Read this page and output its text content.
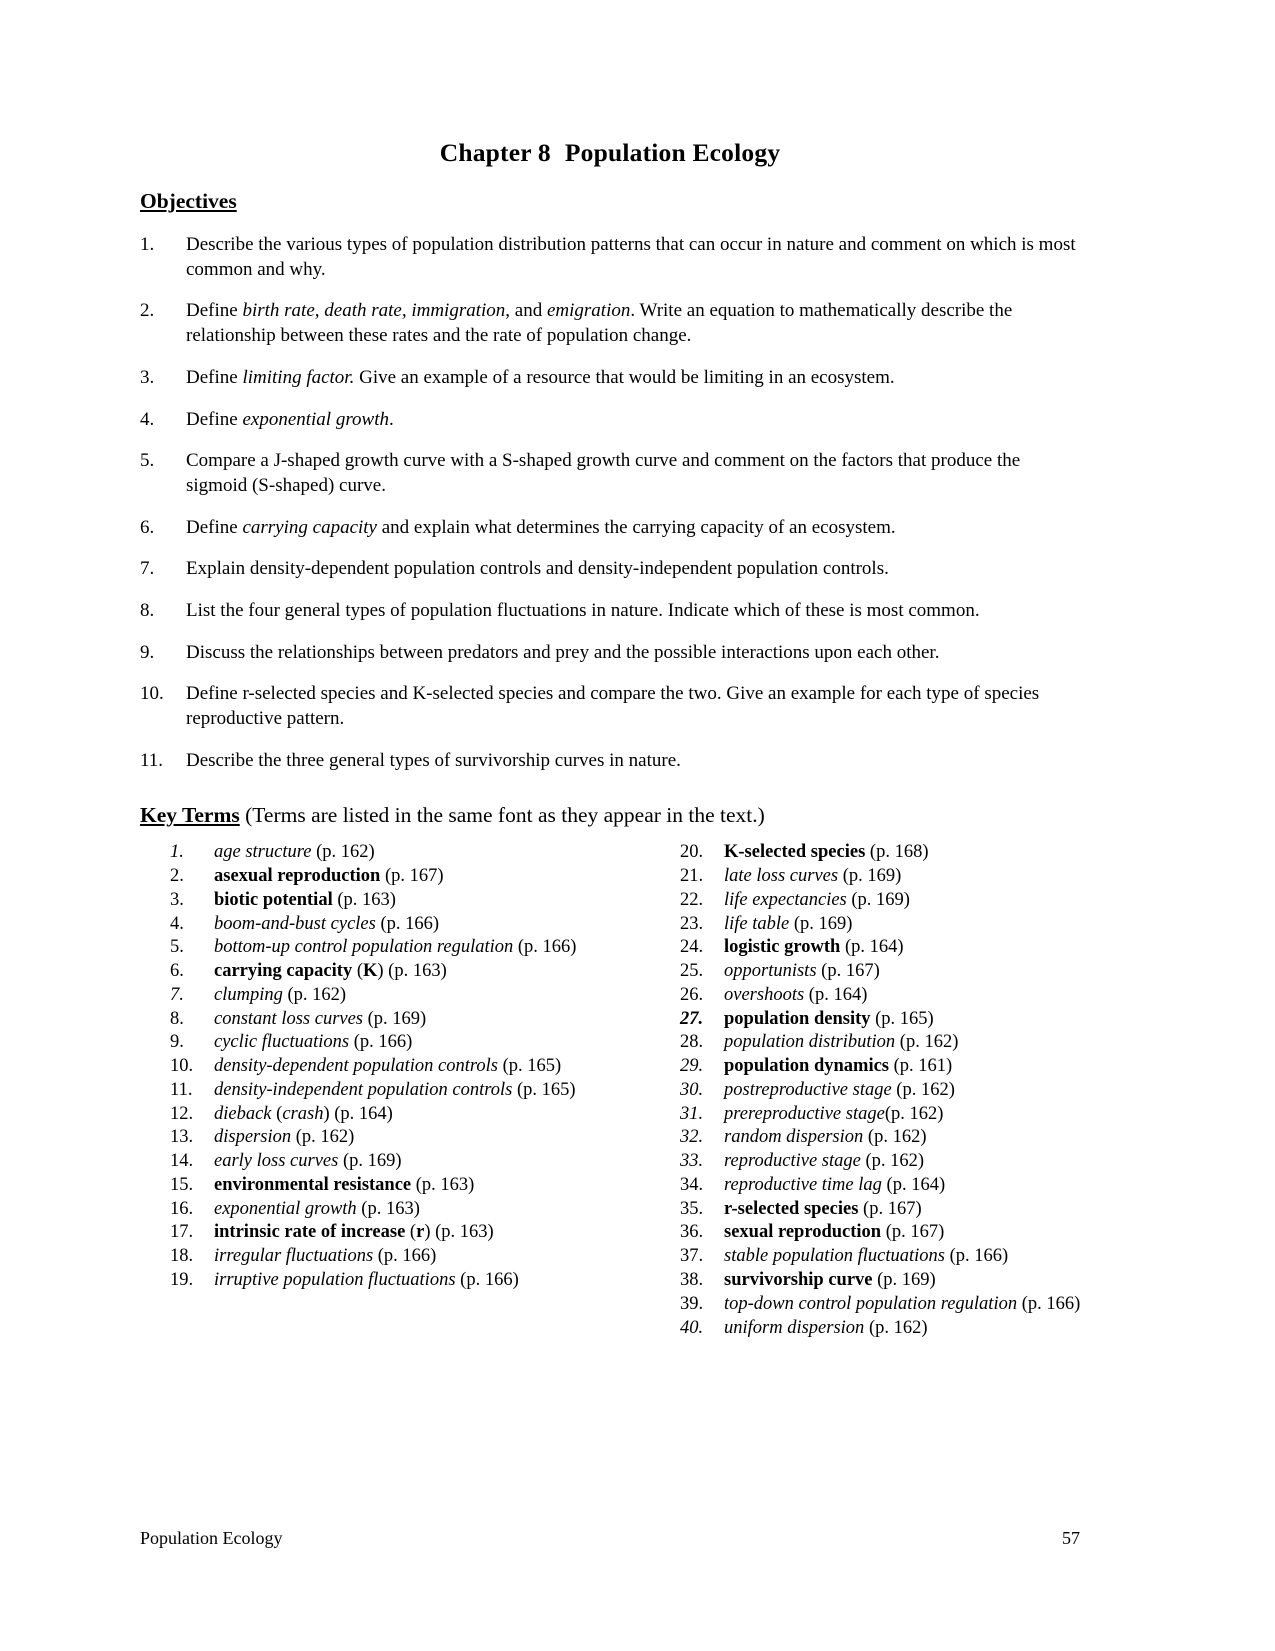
Chapter 8 Population Ecology
Objectives
1.	Describe the various types of population distribution patterns that can occur in nature and comment on which is most common and why.
2.	Define birth rate, death rate, immigration, and emigration. Write an equation to mathematically describe the relationship between these rates and the rate of population change.
3.	Define limiting factor. Give an example of a resource that would be limiting in an ecosystem.
4.	Define exponential growth.
5.	Compare a J-shaped growth curve with a S-shaped growth curve and comment on the factors that produce the sigmoid (S-shaped) curve.
6.	Define carrying capacity and explain what determines the carrying capacity of an ecosystem.
7.	Explain density-dependent population controls and density-independent population controls.
8.	List the four general types of population fluctuations in nature. Indicate which of these is most common.
9.	Discuss the relationships between predators and prey and the possible interactions upon each other.
10.	Define r-selected species and K-selected species and compare the two. Give an example for each type of species reproductive pattern.
11.	Describe the three general types of survivorship curves in nature.
Key Terms (Terms are listed in the same font as they appear in the text.)
1.	age structure (p. 162)
2.	asexual reproduction (p. 167)
3.	biotic potential (p. 163)
4.	boom-and-bust cycles (p. 166)
5.	bottom-up control population regulation (p. 166)
6.	carrying capacity (K) (p. 163)
7.	clumping (p. 162)
8.	constant loss curves (p. 169)
9.	cyclic fluctuations (p. 166)
10.	density-dependent population controls (p. 165)
11.	density-independent population controls (p. 165)
12.	dieback (crash) (p. 164)
13.	dispersion (p. 162)
14.	early loss curves (p. 169)
15.	environmental resistance (p. 163)
16.	exponential growth (p. 163)
17.	intrinsic rate of increase (r) (p. 163)
18.	irregular fluctuations (p. 166)
19.	irruptive population fluctuations (p. 166)
20.	K-selected species (p. 168)
21.	late loss curves (p. 169)
22.	life expectancies (p. 169)
23.	life table (p. 169)
24.	logistic growth (p. 164)
25.	opportunists (p. 167)
26.	overshoots (p. 164)
27.	population density (p. 165)
28.	population distribution (p. 162)
29.	population dynamics (p. 161)
30.	postreproductive stage (p. 162)
31.	prereproductive stage(p. 162)
32.	random dispersion (p. 162)
33.	reproductive stage (p. 162)
34.	reproductive time lag (p. 164)
35.	r-selected species (p. 167)
36.	sexual reproduction (p. 167)
37.	stable population fluctuations (p. 166)
38.	survivorship curve (p. 169)
39.	top-down control population regulation (p. 166)
40.	uniform dispersion (p. 162)
Population Ecology	57
